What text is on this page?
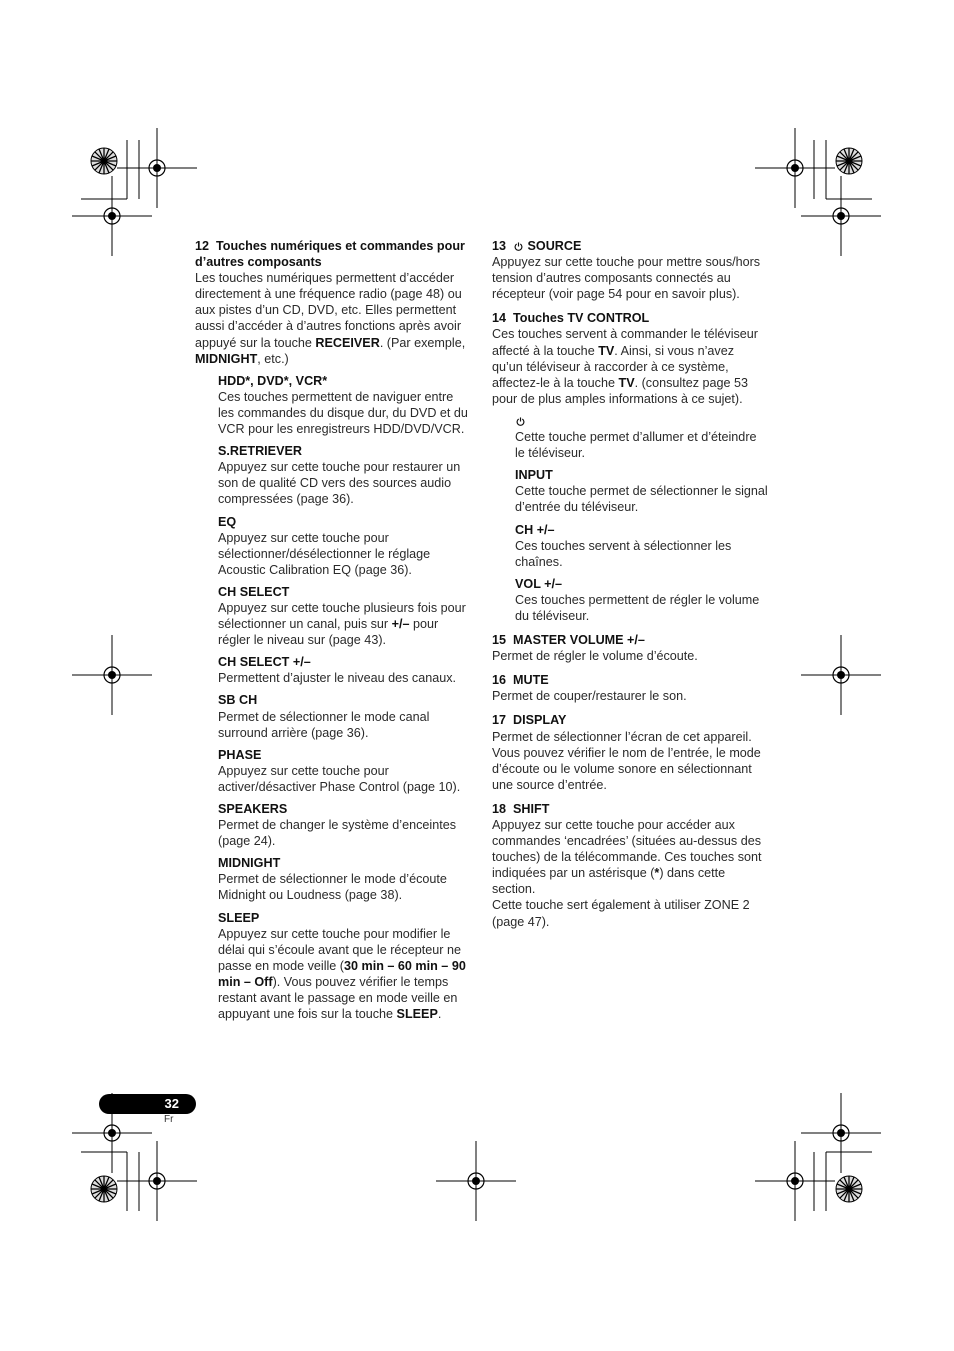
12 Touches numériques et commandes pour d’autres composants
Les touches numériques permettent d’accéder directement à une fréquence radio (page 48) ou aux pistes d’un CD, DVD, etc. Elles permettent aussi d’accéder à d’autres fonctions après avoir appuyé sur la touche RECEIVER. (Par exemple, MIDNIGHT, etc.)
HDD*, DVD*, VCR*
Ces touches permettent de naviguer entre les commandes du disque dur, du DVD et du VCR pour les enregistreurs HDD/DVD/VCR.
S.RETRIEVER
Appuyez sur cette touche pour restaurer un son de qualité CD vers des sources audio compressées (page 36).
EQ
Appuyez sur cette touche pour sélectionner/désélectionner le réglage Acoustic Calibration EQ (page 36).
CH SELECT
Appuyez sur cette touche plusieurs fois pour sélectionner un canal, puis sur +/– pour régler le niveau sur (page 43).
CH SELECT +/–
Permettent d’ajuster le niveau des canaux.
SB CH
Permet de sélectionner le mode canal surround arrière (page 36).
PHASE
Appuyez sur cette touche pour activer/désactiver Phase Control (page 10).
SPEAKERS
Permet de changer le système d’enceintes (page 24).
MIDNIGHT
Permet de sélectionner le mode d’écoute Midnight ou Loudness (page 38).
SLEEP
Appuyez sur cette touche pour modifier le délai qui s’écoule avant que le récepteur ne passe en mode veille (30 min – 60 min – 90 min – Off). Vous pouvez vérifier le temps restant avant le passage en mode veille en appuyant une fois sur la touche SLEEP.
13 SOURCE
Appuyez sur cette touche pour mettre sous/hors tension d’autres composants connectés au récepteur (voir page 54 pour en savoir plus).
14 Touches TV CONTROL
Ces touches servent à commander le téléviseur affecté à la touche TV. Ainsi, si vous n’avez qu’un téléviseur à raccorder à ce système, affectez-le à la touche TV. (consultez page 53 pour de plus amples informations à ce sujet).
Cette touche permet d’allumer et d’éteindre le téléviseur.
INPUT
Cette touche permet de sélectionner le signal d’entrée du téléviseur.
CH +/–
Ces touches servent à sélectionner les chaînes.
VOL +/–
Ces touches permettent de régler le volume du téléviseur.
15 MASTER VOLUME +/–
Permet de régler le volume d’écoute.
16 MUTE
Permet de couper/restaurer le son.
17 DISPLAY
Permet de sélectionner l’écran de cet appareil. Vous pouvez vérifier le nom de l’entrée, le mode d’écoute ou le volume sonore en sélectionnant une source d’entrée.
18 SHIFT
Appuyez sur cette touche pour accéder aux commandes ‘encadrées’ (situées au-dessus des touches) de la télécommande. Ces touches sont indiquées par un astérisque (*) dans cette section.
Cette touche sert également à utiliser ZONE 2 (page 47).
32
Fr
